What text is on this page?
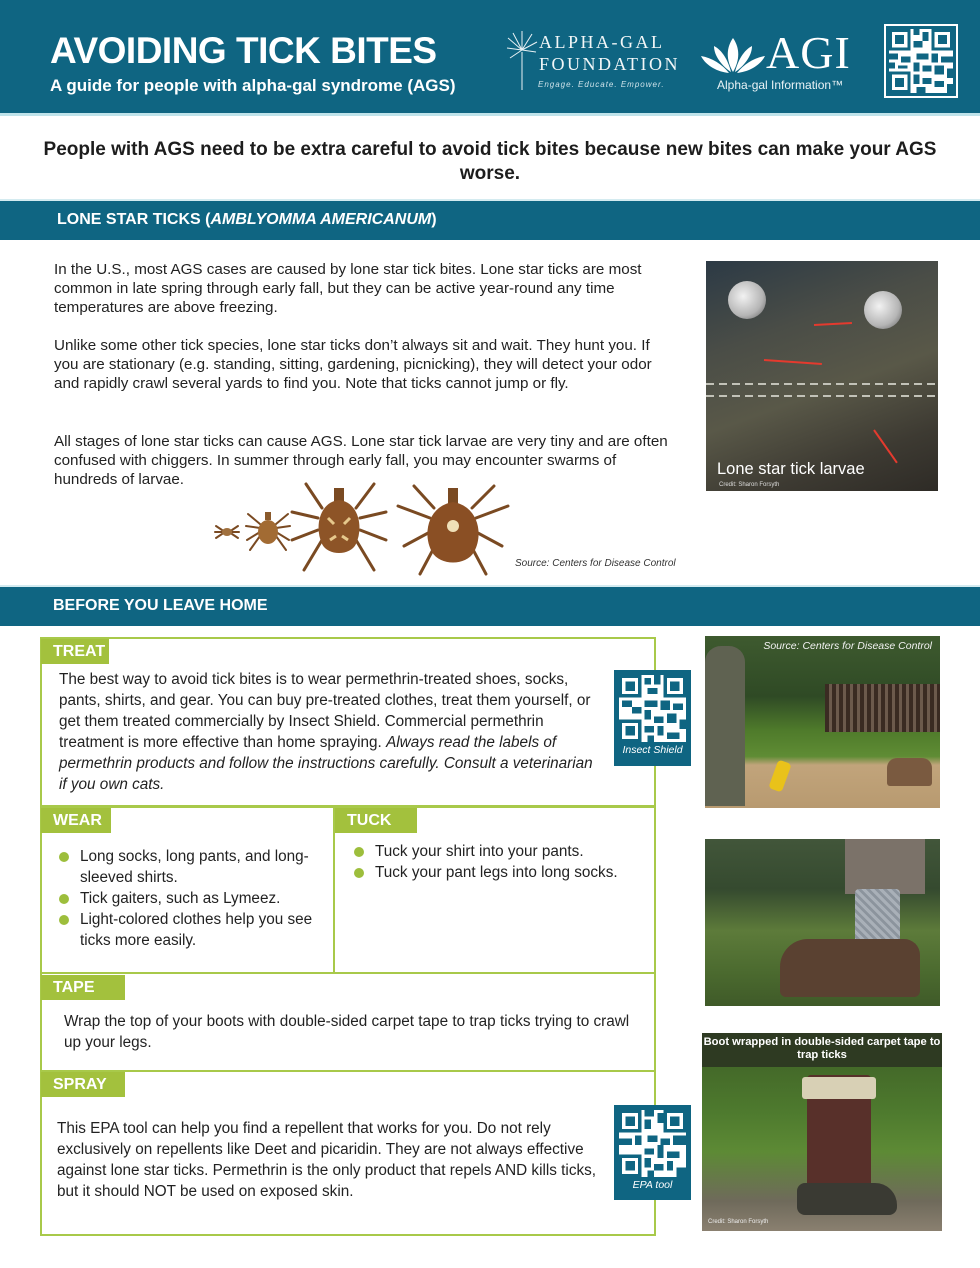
AVOIDING TICK BITES
A guide for people with alpha-gal syndrome (AGS)
ALPHA-GAL
FOUNDATION
Engage. Educate. Empower.
AGI
Alpha-gal Information™
People with AGS need to be extra careful to avoid tick bites because new bites can make your AGS worse.
LONE STAR TICKS (AMBLYOMMA AMERICANUM)
In the U.S., most AGS cases are caused by lone star tick bites. Lone star ticks are most common in late spring through early fall, but they can be active year-round any time temperatures are above freezing.
Unlike some other tick species, lone star ticks don’t always sit and wait. They hunt you. If you are stationary (e.g. standing, sitting, gardening, picnicking), they will detect your odor and rapidly crawl several yards to find you. Note that ticks cannot jump or fly.
All stages of lone star ticks can cause AGS. Lone star tick larvae are very tiny and are often confused with chiggers. In summer through early fall, you may encounter swarms of hundreds of larvae.
Lone star tick larvae
Credit: Sharon Forsyth
Source: Centers for Disease Control
BEFORE YOU LEAVE HOME
TREAT
The best way to avoid tick bites is to wear permethrin-treated shoes, socks, pants, shirts, and gear. You can buy pre-treated clothes, treat them yourself, or get them treated commercially by Insect Shield. Commercial permethrin treatment is more effective than home spraying. Always read the labels of permethrin products and follow the instructions carefully. Consult a veterinarian if you own cats.
Insect Shield
Source: Centers for Disease Control
WEAR
Long socks, long pants, and long-sleeved shirts.
Tick gaiters, such as Lymeez.
Light-colored clothes help you see ticks more easily.
TUCK
Tuck your shirt into your pants.
Tuck your pant legs into long socks.
TAPE
Wrap the top of your boots with double-sided carpet tape to trap ticks trying to crawl up your legs.
SPRAY
This EPA tool can help you find a repellent that works for you. Do not rely exclusively on repellents like Deet and picaridin. They are not always effective against lone star ticks. Permethrin is the only product that repels AND kills ticks, but it should NOT be used on exposed skin.	EPA tool
Boot wrapped in double-sided carpet tape to trap ticks
Credit: Sharon Forsyth
